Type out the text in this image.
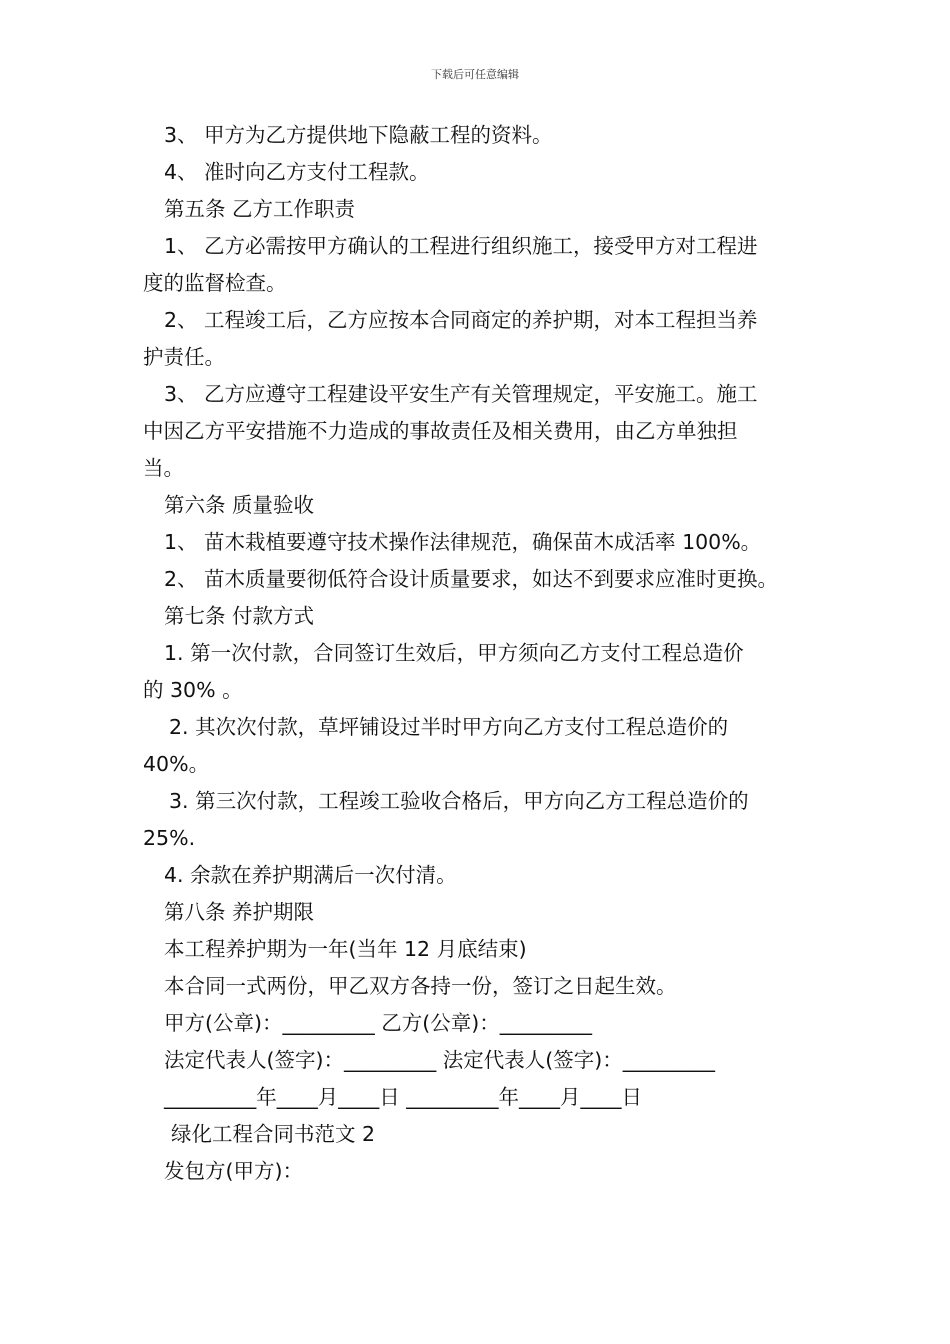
下载后可任意编辑
3、 甲方为乙方提供地下隐蔽工程的资料。
4、 准时向乙方支付工程款。
第五条 乙方工作职责
1、 乙方必需按甲方确认的工程进行组织施工，接受甲方对工程进
度的监督检查。
2、 工程竣工后，乙方应按本合同商定的养护期，对本工程担当养
护责任。
3、 乙方应遵守工程建设平安生产有关管理规定，平安施工。施工
中因乙方平安措施不力造成的事故责任及相关费用，由乙方单独担
当。
第六条 质量验收
1、 苗木栽植要遵守技术操作法律规范，确保苗木成活率 100%。
2、 苗木质量要彻低符合设计质量要求，如达不到要求应准时更换。
第七条 付款方式
1. 第一次付款，合同签订生效后，甲方须向乙方支付工程总造价
的 30% 。
2. 其次次付款，草坪铺设过半时甲方向乙方支付工程总造价的
40%。
3. 第三次付款，工程竣工验收合格后，甲方向乙方工程总造价的
25%.
4. 余款在养护期满后一次付清。
第八条 养护期限
本工程养护期为一年(当年 12 月底结束)
本合同一式两份，甲乙双方各持一份，签订之日起生效。
甲方(公章)：_________ 乙方(公章)：_________
法定代表人(签字)：_________ 法定代表人(签字)：_________
_________年____月____日 _________年____月____日
绿化工程合同书范文 2
发包方(甲方)：
